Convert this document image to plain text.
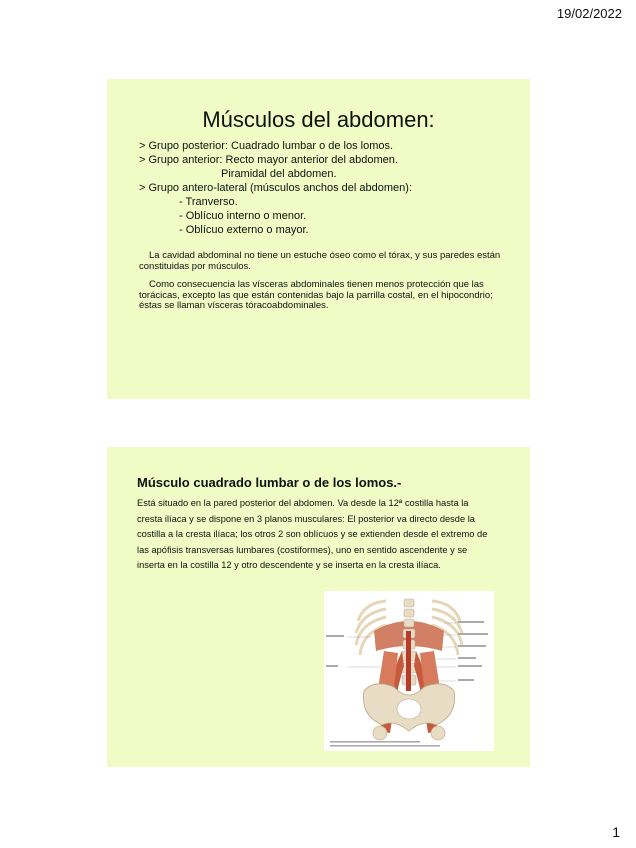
19/02/2022
Músculos del abdomen:
> Grupo posterior: Cuadrado lumbar o de los lomos.
> Grupo anterior: Recto mayor anterior del abdomen.
Piramidal del abdomen.
> Grupo antero-lateral (músculos anchos del abdomen):
- Tranverso.
- Oblícuo interno o menor.
- Oblícuo externo o mayor.
La cavidad abdominal no tiene un estuche óseo como el tórax, y sus paredes están constituidas por músculos.
Como consecuencia las vísceras abdominales tienen menos protección que las torácicas, excepto las que están contenidas bajo la parrilla costal, en el hipocondrio; éstas se llaman vísceras tóracoabdominales.
Músculo cuadrado lumbar o de los lomos.-
Está situado en la pared posterior del abdomen. Va desde la 12ª costilla hasta la cresta ilíaca y se dispone en 3 planos musculares: El posterior va directo desde la costilla a la cresta ilíaca; los otros 2 son oblícuos y se extienden desde el extremo de las apófisis transversas lumbares (costiformes), uno en sentido ascendente y se inserta en la costilla 12 y otro descendente y se inserta en la cresta ilíaca.
1
